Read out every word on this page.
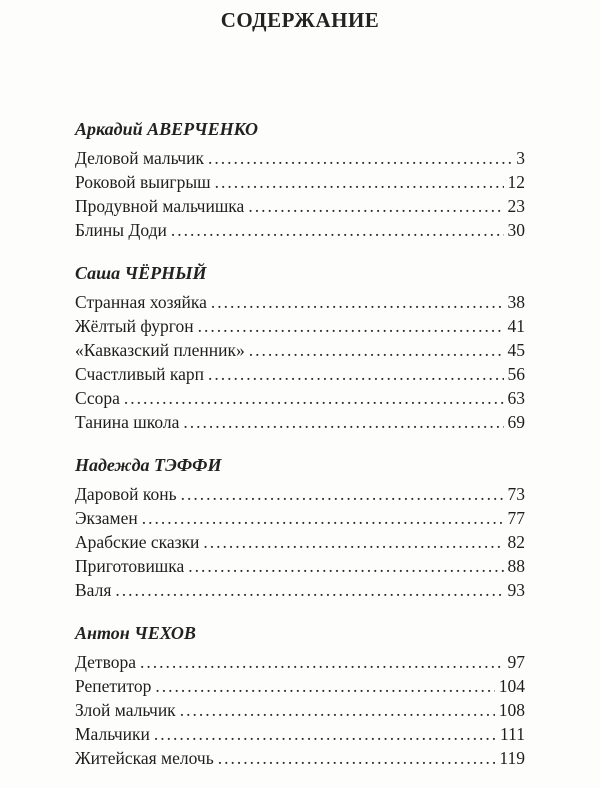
СОДЕРЖАНИЕ
Аркадий АВЕРЧЕНКО
Деловой мальчик .....	3
Роковой выигрыш .....	12
Продувной мальчишка .....	23
Блины Доди .....	30
Саша ЧЁРНЫЙ
Странная хозяйка .....	38
Жёлтый фургон .....	41
«Кавказский пленник» .....	45
Счастливый карп .....	56
Ссора .....	63
Танина школа .....	69
Надежда ТЭФФИ
Даровой конь .....	73
Экзамен .....	77
Арабские сказки .....	82
Приготовишка .....	88
Валя .....	93
Антон ЧЕХОВ
Детвора .....	97
Репетитор .....	104
Злой мальчик .....	108
Мальчики .....	111
Житейская мелочь .....	119
